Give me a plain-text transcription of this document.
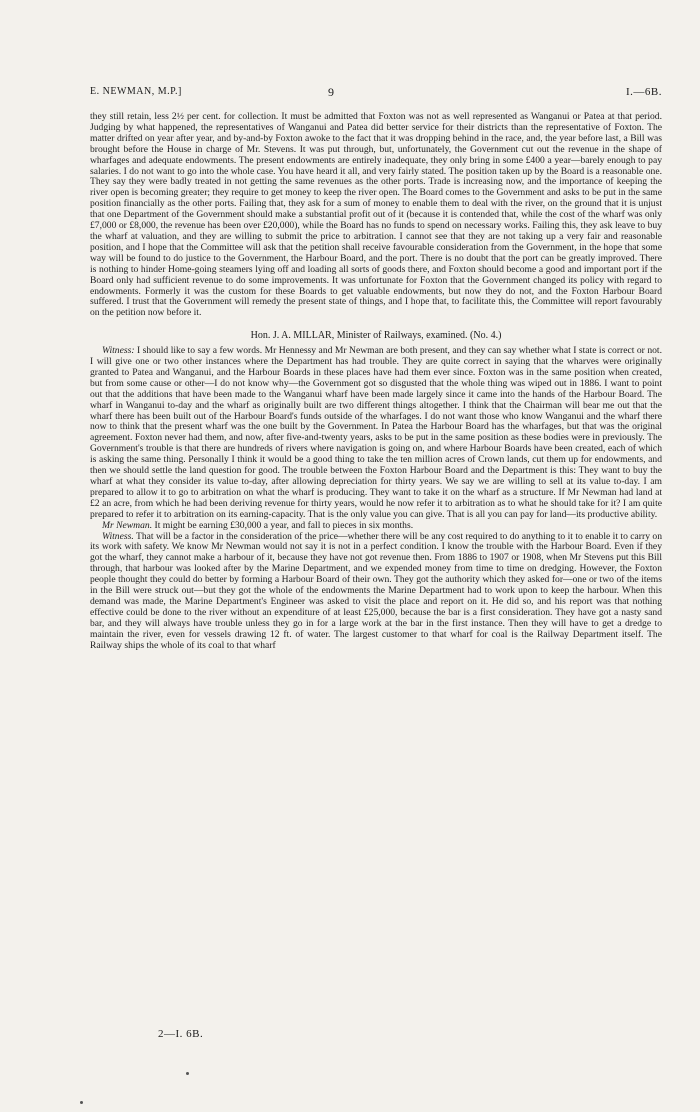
E. NEWMAN, M.P.]	9	I.—6B.

they still retain, less 2½ per cent. for collection. It must be admitted that Foxton was not as well represented as Wanganui or Patea at that period. Judging by what happened, the representatives of Wanganui and Patea did better service for their districts than the representative of Foxton. The matter drifted on year after year, and by-and-by Foxton awoke to the fact that it was dropping behind in the race, and, the year before last, a Bill was brought before the House in charge of Mr. Stevens. It was put through, but, unfortunately, the Government cut out the revenue in the shape of wharfages and adequate endowments. The present endowments are entirely inadequate, they only bring in some £400 a year—barely enough to pay salaries. I do not want to go into the whole case. You have heard it all, and very fairly stated. The position taken up by the Board is a reasonable one. They say they were badly treated in not getting the same revenues as the other ports. Trade is increasing now, and the importance of keeping the river open is becoming greater; they require to get money to keep the river open. The Board comes to the Government and asks to be put in the same position financially as the other ports. Failing that, they ask for a sum of money to enable them to deal with the river, on the ground that it is unjust that one Department of the Government should make a substantial profit out of it (because it is contended that, while the cost of the wharf was only £7,000 or £8,000, the revenue has been over £20,000), while the Board has no funds to spend on necessary works. Failing this, they ask leave to buy the wharf at valuation, and they are willing to submit the price to arbitration. I cannot see that they are not taking up a very fair and reasonable position, and I hope that the Committee will ask that the petition shall receive favourable consideration from the Government, in the hope that some way will be found to do justice to the Government, the Harbour Board, and the port. There is no doubt that the port can be greatly improved. There is nothing to hinder Home-going steamers lying off and loading all sorts of goods there, and Foxton should become a good and important port if the Board only had sufficient revenue to do some improvements. It was unfortunate for Foxton that the Government changed its policy with regard to endowments. Formerly it was the custom for these Boards to get valuable endowments, but now they do not, and the Foxton Harbour Board suffered. I trust that the Government will remedy the present state of things, and I hope that, to facilitate this, the Committee will report favourably on the petition now before it.

Hon. J. A. MILLAR, Minister of Railways, examined. (No. 4.)

Witness: I should like to say a few words. Mr Hennessy and Mr Newman are both present, and they can say whether what I state is correct or not. I will give one or two other instances where the Department has had trouble. They are quite correct in saying that the wharves were originally granted to Patea and Wanganui, and the Harbour Boards in these places have had them ever since. Foxton was in the same position when created, but from some cause or other—I do not know why—the Government got so disgusted that the whole thing was wiped out in 1886. I want to point out that the additions that have been made to the Wanganui wharf have been made largely since it came into the hands of the Harbour Board. The wharf in Wanganui to-day and the wharf as originally built are two different things altogether. I think that the Chairman will bear me out that the wharf there has been built out of the Harbour Board's funds outside of the wharfages. I do not want those who know Wanganui and the wharf there now to think that the present wharf was the one built by the Government. In Patea the Harbour Board has the wharfages, but that was the original agreement. Foxton never had them, and now, after five-and-twenty years, asks to be put in the same position as these bodies were in previously. The Government's trouble is that there are hundreds of rivers where navigation is going on, and where Harbour Boards have been created, each of which is asking the same thing. Personally I think it would be a good thing to take the ten million acres of Crown lands, cut them up for endowments, and then we should settle the land question for good. The trouble between the Foxton Harbour Board and the Department is this: They want to buy the wharf at what they consider its value to-day, after allowing depreciation for thirty years. We say we are willing to sell at its value to-day. I am prepared to allow it to go to arbitration on what the wharf is producing. They want to take it on the wharf as a structure. If Mr Newman had land at £2 an acre, from which he had been deriving revenue for thirty years, would he now refer it to arbitration as to what he should take for it? I am quite prepared to refer it to arbitration on its earning-capacity. That is the only value you can give. That is all you can pay for land—its productive ability.

Mr Newman. It might be earning £30,000 a year, and fall to pieces in six months.

Witness. That will be a factor in the consideration of the price—whether there will be any cost required to do anything to it to enable it to carry on its work with safety. We know Mr Newman would not say it is not in a perfect condition. I know the trouble with the Harbour Board. Even if they got the wharf, they cannot make a harbour of it, because they have not got revenue then. From 1886 to 1907 or 1908, when Mr Stevens put this Bill through, that harbour was looked after by the Marine Department, and we expended money from time to time on dredging. However, the Foxton people thought they could do better by forming a Harbour Board of their own. They got the authority which they asked for—one or two of the items in the Bill were struck out—but they got the whole of the endowments the Marine Department had to work upon to keep the harbour. When this demand was made, the Marine Department's Engineer was asked to visit the place and report on it. He did so, and his report was that nothing effective could be done to the river without an expenditure of at least £25,000, because the bar is a first consideration. They have got a nasty sand bar, and they will always have trouble unless they go in for a large work at the bar in the first instance. Then they will have to get a dredge to maintain the river, even for vessels drawing 12 ft. of water. The largest customer to that wharf for coal is the Railway Department itself. The Railway ships the whole of its coal to that wharf

2—I. 6B.
